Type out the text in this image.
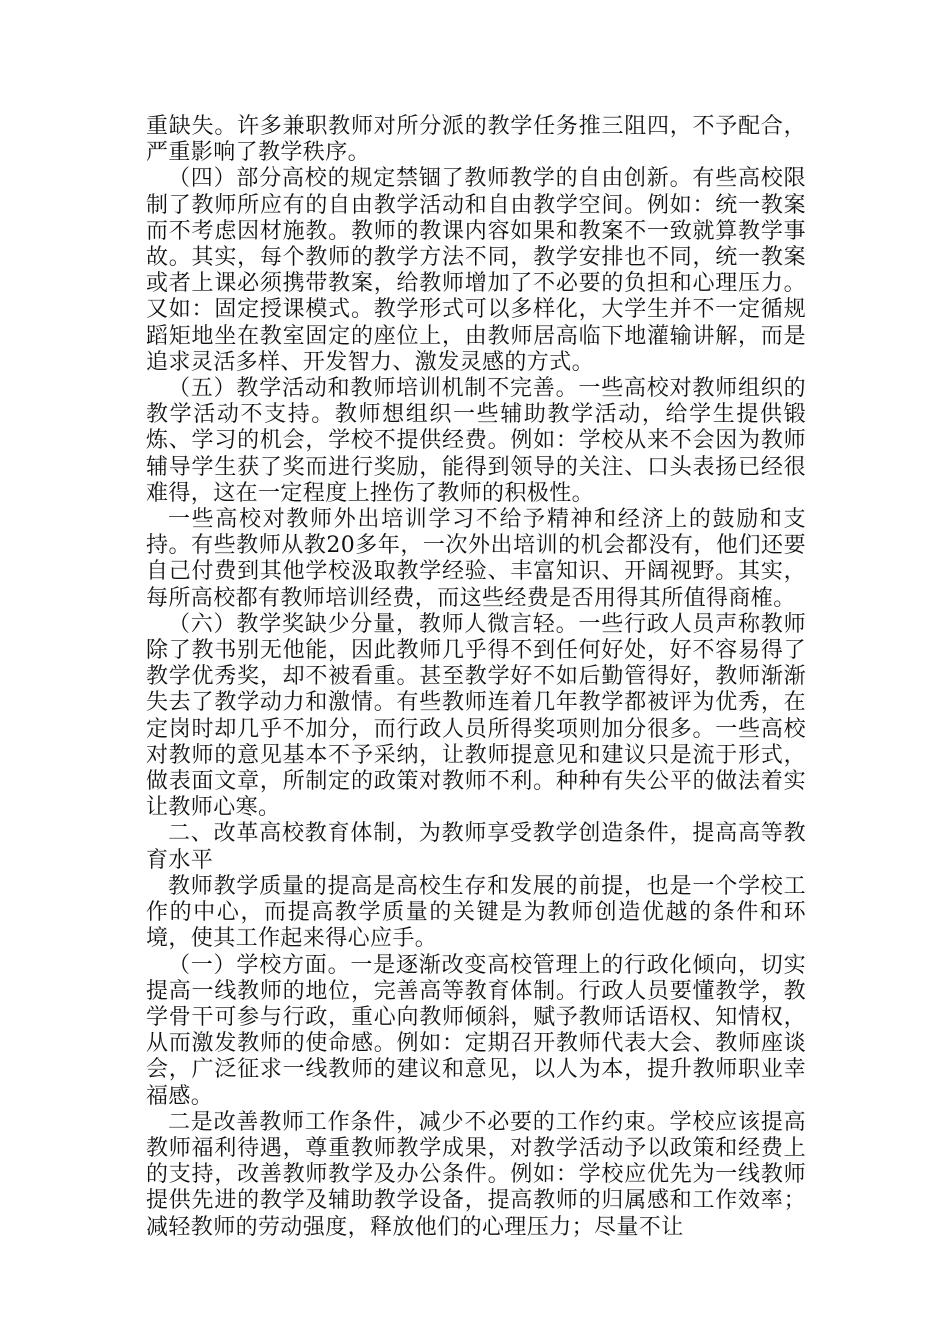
重缺失。许多兼职教师对所分派的教学任务推三阻四，不予配合，严重影响了教学秩序。

（四）部分高校的规定禁锢了教师教学的自由创新。有些高校限制了教师所应有的自由教学活动和自由教学空间。例如：统一教案而不考虑因材施教。教师的教课内容如果和教案不一致就算教学事故。其实，每个教师的教学方法不同，教学安排也不同，统一教案或者上课必须携带教案，给教师增加了不必要的负担和心理压力。又如：固定授课模式。教学形式可以多样化，大学生并不一定循规蹈矩地坐在教室固定的座位上，由教师居高临下地灌输讲解，而是追求灵活多样、开发智力、激发灵感的方式。

（五）教学活动和教师培训机制不完善。一些高校对教师组织的教学活动不支持。教师想组织一些辅助教学活动，给学生提供锻炼、学习的机会，学校不提供经费。例如：学校从来不会因为教师辅导学生获了奖而进行奖励，能得到领导的关注、口头表扬已经很难得，这在一定程度上挫伤了教师的积极性。

一些高校对教师外出培训学习不给予精神和经济上的鼓励和支持。有些教师从教20多年，一次外出培训的机会都没有，他们还要自己付费到其他学校汲取教学经验、丰富知识、开阔视野。其实，每所高校都有教师培训经费，而这些经费是否用得其所值得商榷。

（六）教学奖缺少分量，教师人微言轻。一些行政人员声称教师除了教书别无他能，因此教师几乎得不到任何好处，好不容易得了教学优秀奖，却不被看重。甚至教学好不如后勤管得好，教师渐渐失去了教学动力和激情。有些教师连着几年教学都被评为优秀，在定岗时却几乎不加分，而行政人员所得奖项则加分很多。一些高校对教师的意见基本不予采纳，让教师提意见和建议只是流于形式，做表面文章，所制定的政策对教师不利。种种有失公平的做法着实让教师心寒。

二、改革高校教育体制，为教师享受教学创造条件，提高高等教育水平

教师教学质量的提高是高校生存和发展的前提，也是一个学校工作的中心，而提高教学质量的关键是为教师创造优越的条件和环境，使其工作起来得心应手。

（一）学校方面。一是逐渐改变高校管理上的行政化倾向，切实提高一线教师的地位，完善高等教育体制。行政人员要懂教学，教学骨干可参与行政，重心向教师倾斜，赋予教师话语权、知情权，从而激发教师的使命感。例如：定期召开教师代表大会、教师座谈会，广泛征求一线教师的建议和意见，以人为本，提升教师职业幸福感。

二是改善教师工作条件，减少不必要的工作约束。学校应该提高教师福利待遇，尊重教师教学成果，对教学活动予以政策和经费上的支持，改善教师教学及办公条件。例如：学校应优先为一线教师提供先进的教学及辅助教学设备，提高教师的归属感和工作效率；减轻教师的劳动强度，释放他们的心理压力；尽量不让
